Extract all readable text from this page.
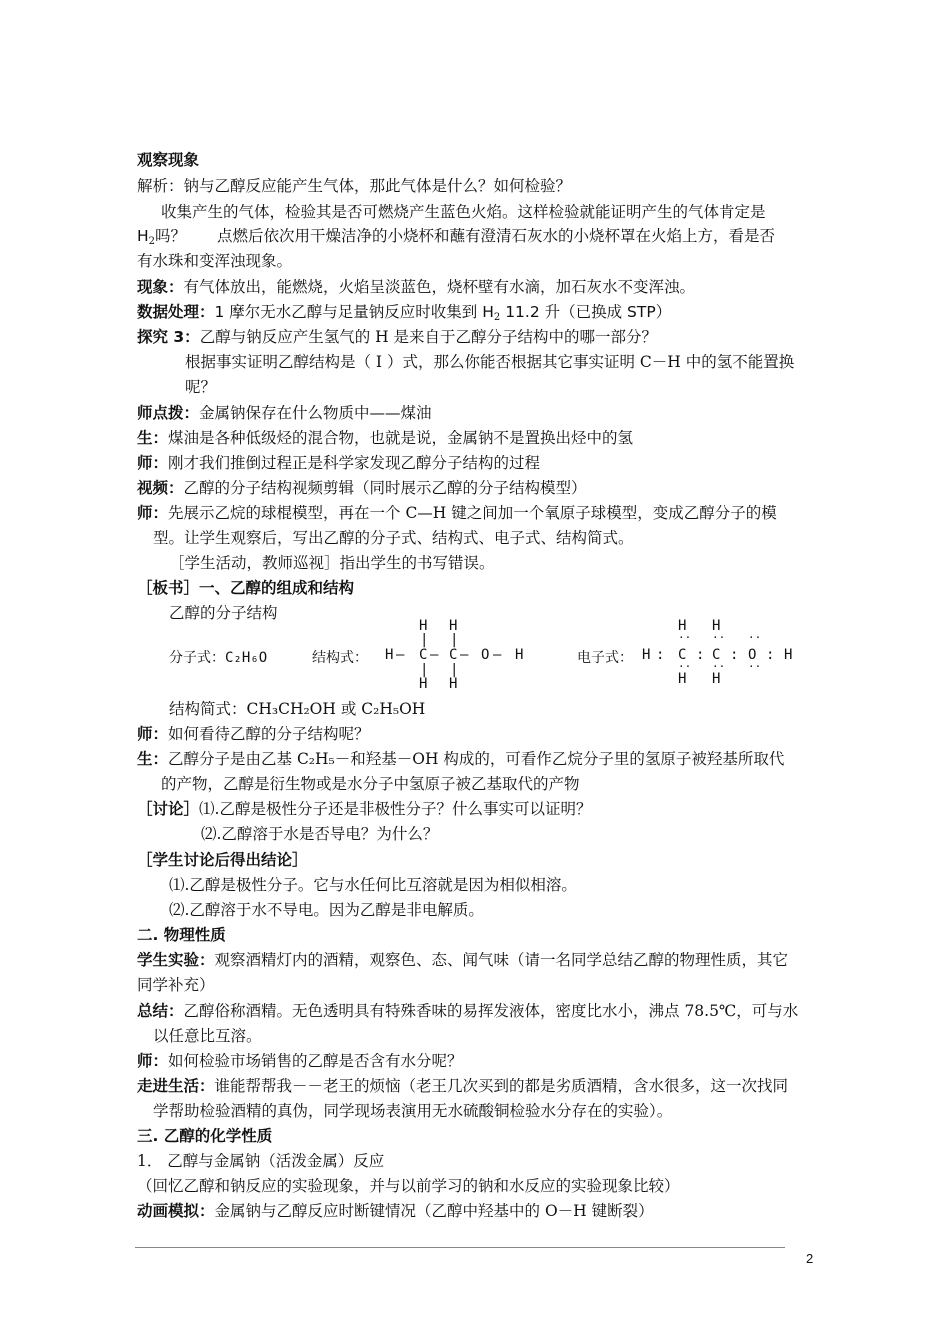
观察现象
解析：钠与乙醇反应能产生气体，那此气体是什么？如何检验？
收集产生的气体，检验其是否可燃烧产生蓝色火焰。这样检验就能证明产生的气体肯定是
$H_2$吗？　　点燃后依次用干燥洁净的小烧杯和蘸有澄清石灰水的小烧杯罩在火焰上方，看是否
有水珠和变浑浊现象。
现象：有气体放出，能燃烧，火焰呈淡蓝色，烧杯壁有水滴，加石灰水不变浑浊。
数据处理：1 摩尔无水乙醇与足量钠反应时收集到 $H_2$ 11.2 升（已换成 STP）
探究 3：乙醇与钠反应产生氢气的 H 是来自于乙醇分子结构中的哪一部分？
根据事实证明乙醇结构是（ I ）式，那么你能否根据其它事实证明 C－H 中的氢不能置换
呢？
师点拨：金属钠保存在什么物质中——煤油
生：煤油是各种低级烃的混合物，也就是说，金属钠不是置换出烃中的氢
师：刚才我们推倒过程正是科学家发现乙醇分子结构的过程
视频：乙醇的分子结构视频剪辑（同时展示乙醇的分子结构模型）
师：先展示乙烷的球棍模型，再在一个 C—H 键之间加一个氧原子球模型，变成乙醇分子的模
型。让学生观察后，写出乙醇的分子式、结构式、电子式、结构简式。
［学生活动，教师巡视］指出学生的书写错误。
［板书］一、乙醇的组成和结构
乙醇的分子结构
分子式：C₂H₆O	结构式：
H H
| |
H — C — C — O — H
| |
H H
电子式：
H H
·· ·· ··
H : C : C : O : H
·· ·· ··
H H
结构简式：CH₃CH₂OH 或 C₂H₅OH
师：如何看待乙醇的分子结构呢？
生：乙醇分子是由乙基 C₂H₅－和羟基－OH 构成的，可看作乙烷分子里的氢原子被羟基所取代
的产物，乙醇是衍生物或是水分子中氢原子被乙基取代的产物
［讨论］⑴.乙醇是极性分子还是非极性分子？什么事实可以证明？
⑵.乙醇溶于水是否导电？为什么？
［学生讨论后得出结论］
⑴.乙醇是极性分子。它与水任何比互溶就是因为相似相溶。
⑵.乙醇溶于水不导电。因为乙醇是非电解质。
二. 物理性质
学生实验：观察酒精灯内的酒精，观察色、态、闻气味（请一名同学总结乙醇的物理性质，其它
同学补充）
总结：乙醇俗称酒精。无色透明具有特殊香味的易挥发液体，密度比水小，沸点 78.5℃，可与水
以任意比互溶。
师：如何检验市场销售的乙醇是否含有水分呢？
走进生活：谁能帮帮我－－老王的烦恼（老王几次买到的都是劣质酒精，含水很多，这一次找同
学帮助检验酒精的真伪，同学现场表演用无水硫酸铜检验水分存在的实验）。
三. 乙醇的化学性质
1． 乙醇与金属钠（活泼金属）反应
（回忆乙醇和钠反应的实验现象，并与以前学习的钠和水反应的实验现象比较）
动画模拟：金属钠与乙醇反应时断键情况（乙醇中羟基中的 O－H 键断裂）
2
